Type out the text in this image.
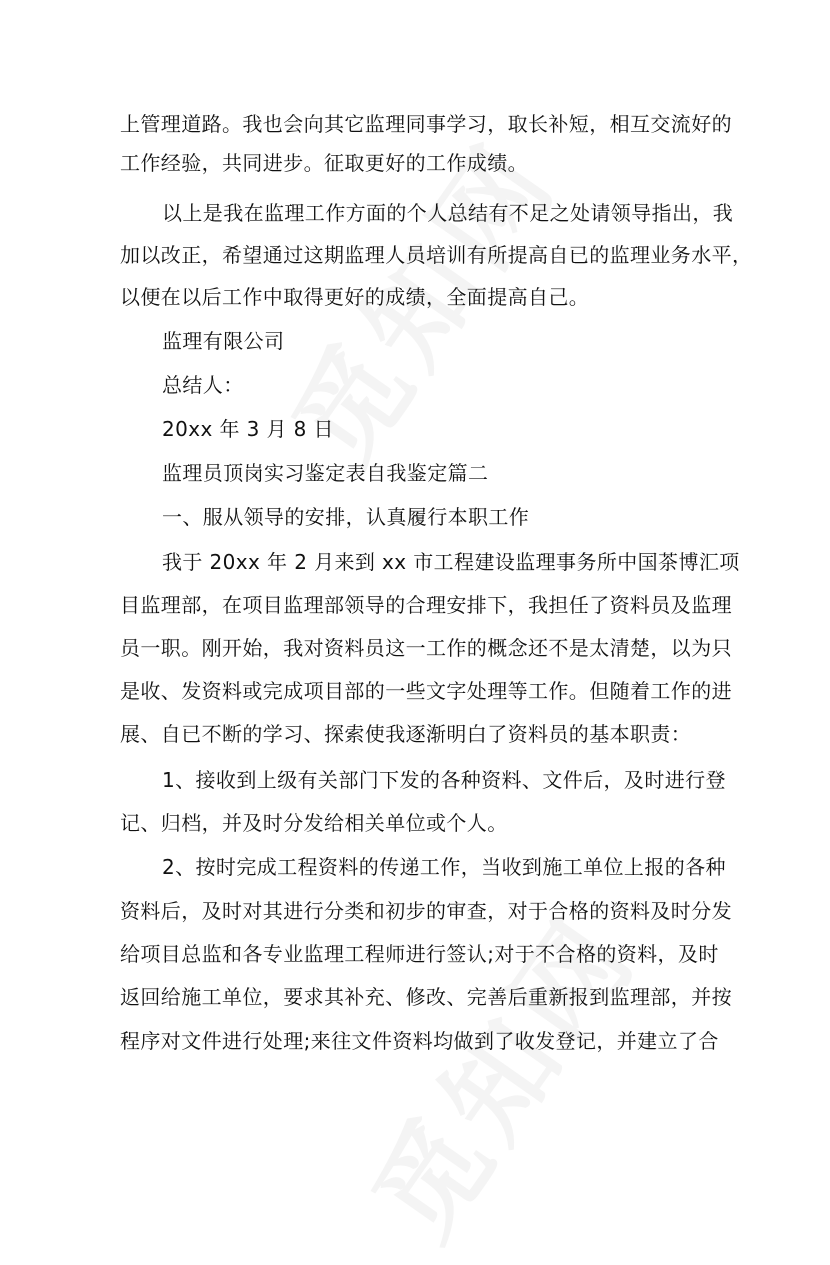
上管理道路。我也会向其它监理同事学习，取长补短，相互交流好的
工作经验，共同进步。征取更好的工作成绩。
以上是我在监理工作方面的个人总结有不足之处请领导指出，我
加以改正，希望通过这期监理人员培训有所提高自已的监理业务水平，
以便在以后工作中取得更好的成绩，全面提高自己。
监理有限公司
总结人：
20xx 年 3 月 8 日
监理员顶岗实习鉴定表自我鉴定篇二
一、服从领导的安排，认真履行本职工作
我于 20xx 年 2 月来到 xx 市工程建设监理事务所中国茶博汇项
目监理部，在项目监理部领导的合理安排下，我担任了资料员及监理
员一职。刚开始，我对资料员这一工作的概念还不是太清楚，以为只
是收、发资料或完成项目部的一些文字处理等工作。但随着工作的进
展、自已不断的学习、探索使我逐渐明白了资料员的基本职责：
1、接收到上级有关部门下发的各种资料、文件后，及时进行登
记、归档，并及时分发给相关单位或个人。
2、按时完成工程资料的传递工作，当收到施工单位上报的各种
资料后，及时对其进行分类和初步的审查，对于合格的资料及时分发
给项目总监和各专业监理工程师进行签认;对于不合格的资料，及时
返回给施工单位，要求其补充、修改、完善后重新报到监理部，并按
程序对文件进行处理;来往文件资料均做到了收发登记，并建立了合
